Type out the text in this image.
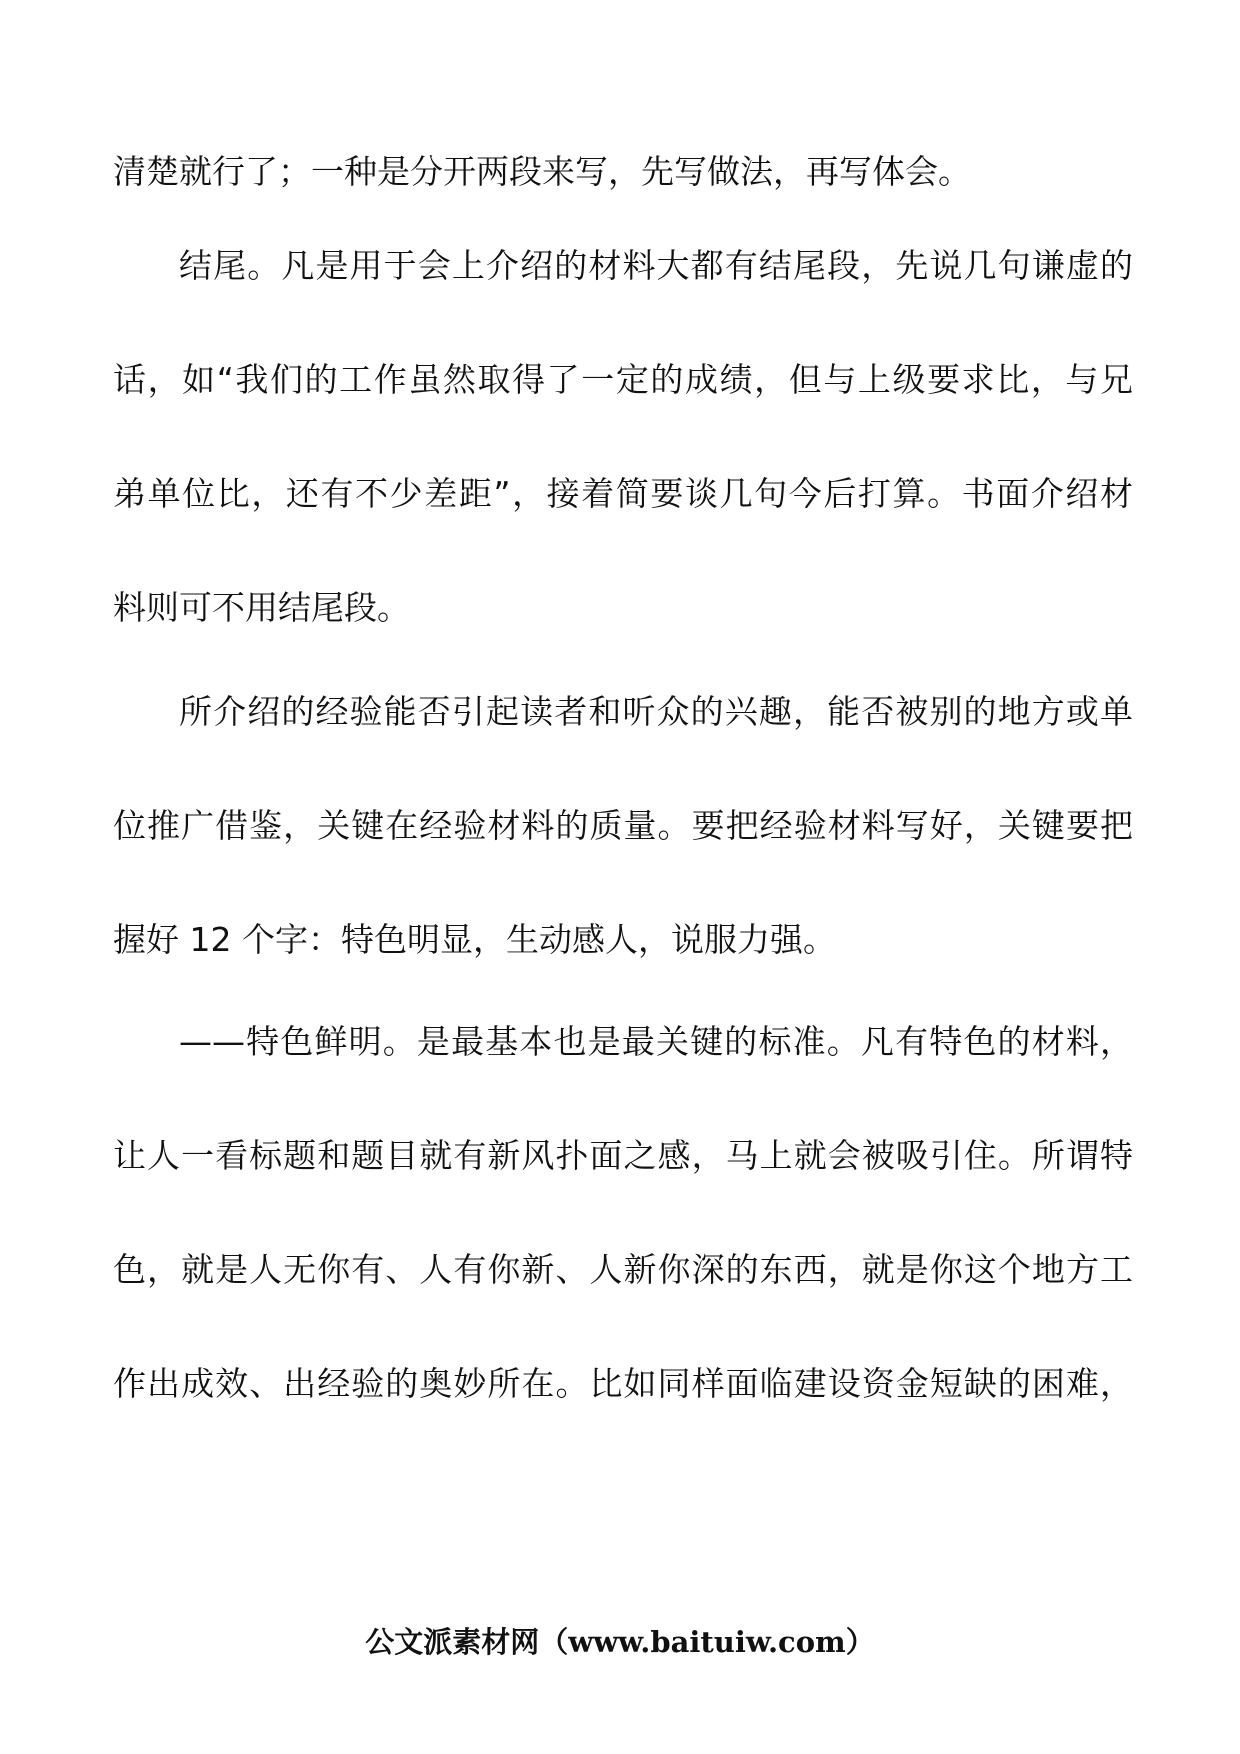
清楚就行了；一种是分开两段来写，先写做法，再写体会。
结尾。凡是用于会上介绍的材料大都有结尾段，先说几句谦虚的
话，如“我们的工作虽然取得了一定的成绩，但与上级要求比，与兄
弟单位比，还有不少差距”，接着简要谈几句今后打算。书面介绍材
料则可不用结尾段。
所介绍的经验能否引起读者和听众的兴趣，能否被别的地方或单
位推广借鉴，关键在经验材料的质量。要把经验材料写好，关键要把
握好 12 个字：特色明显，生动感人，说服力强。
——特色鲜明。是最基本也是最关键的标准。凡有特色的材料，
让人一看标题和题目就有新风扑面之感，马上就会被吸引住。所谓特
色，就是人无你有、人有你新、人新你深的东西，就是你这个地方工
作出成效、出经验的奥妙所在。比如同样面临建设资金短缺的困难，
公文派素材网（www.baituiw.com）
